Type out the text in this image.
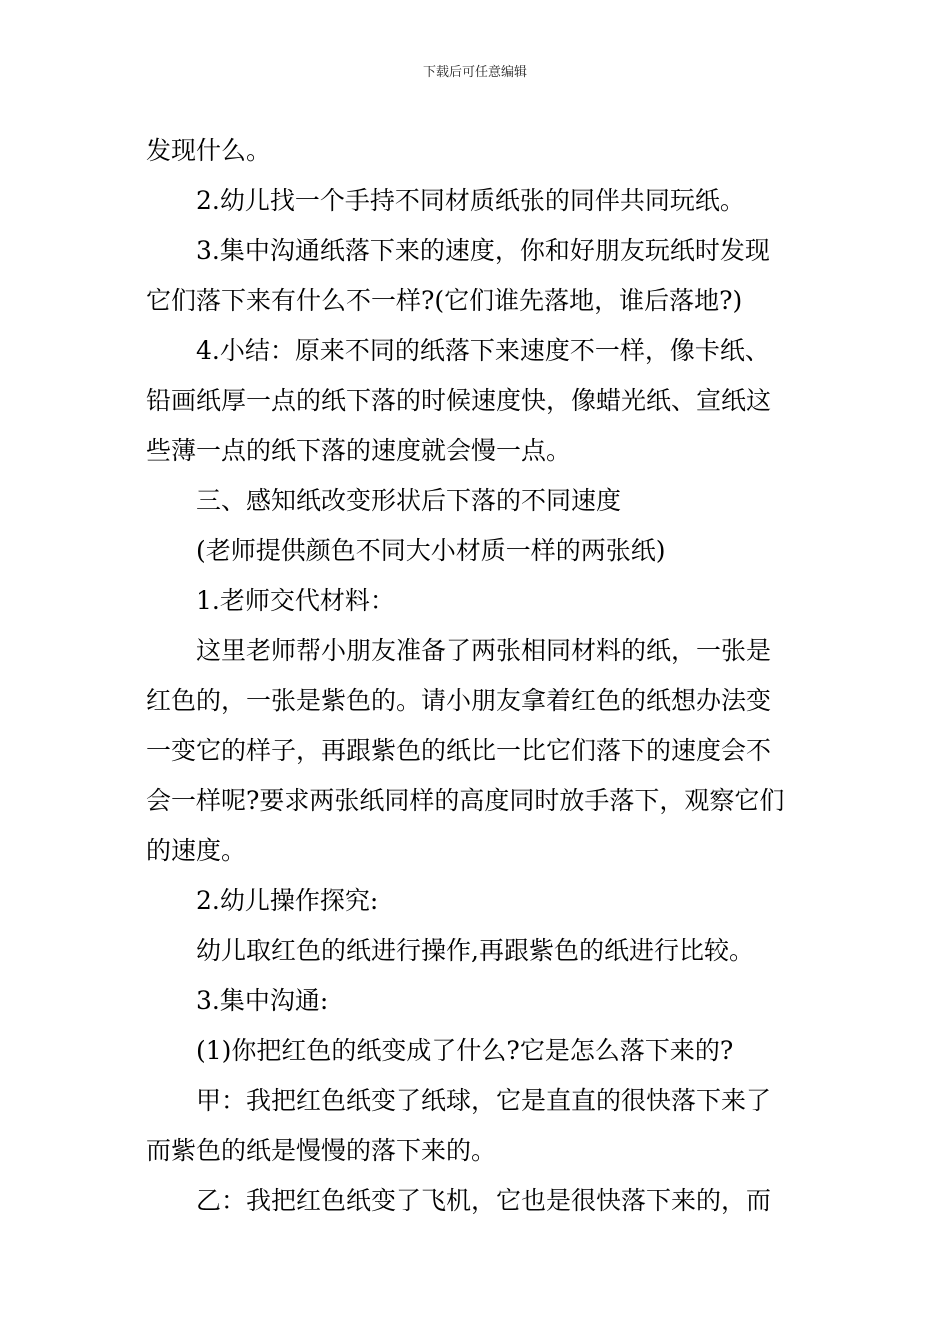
下载后可任意编辑
发现什么。
2.幼儿找一个手持不同材质纸张的同伴共同玩纸。
3.集中沟通纸落下来的速度，你和好朋友玩纸时发现
它们落下来有什么不一样?(它们谁先落地，谁后落地?)
4.小结：原来不同的纸落下来速度不一样，像卡纸、
铅画纸厚一点的纸下落的时候速度快，像蜡光纸、宣纸这
些薄一点的纸下落的速度就会慢一点。
三、感知纸改变形状后下落的不同速度
(老师提供颜色不同大小材质一样的两张纸)
1.老师交代材料：
这里老师帮小朋友准备了两张相同材料的纸，一张是
红色的，一张是紫色的。请小朋友拿着红色的纸想办法变
一变它的样子，再跟紫色的纸比一比它们落下的速度会不
会一样呢?要求两张纸同样的高度同时放手落下，观察它们
的速度。
2.幼儿操作探究:
幼儿取红色的纸进行操作,再跟紫色的纸进行比较。
3.集中沟通:
(1)你把红色的纸变成了什么?它是怎么落下来的?
甲：我把红色纸变了纸球，它是直直的很快落下来了
而紫色的纸是慢慢的落下来的。
乙：我把红色纸变了飞机，它也是很快落下来的，而
